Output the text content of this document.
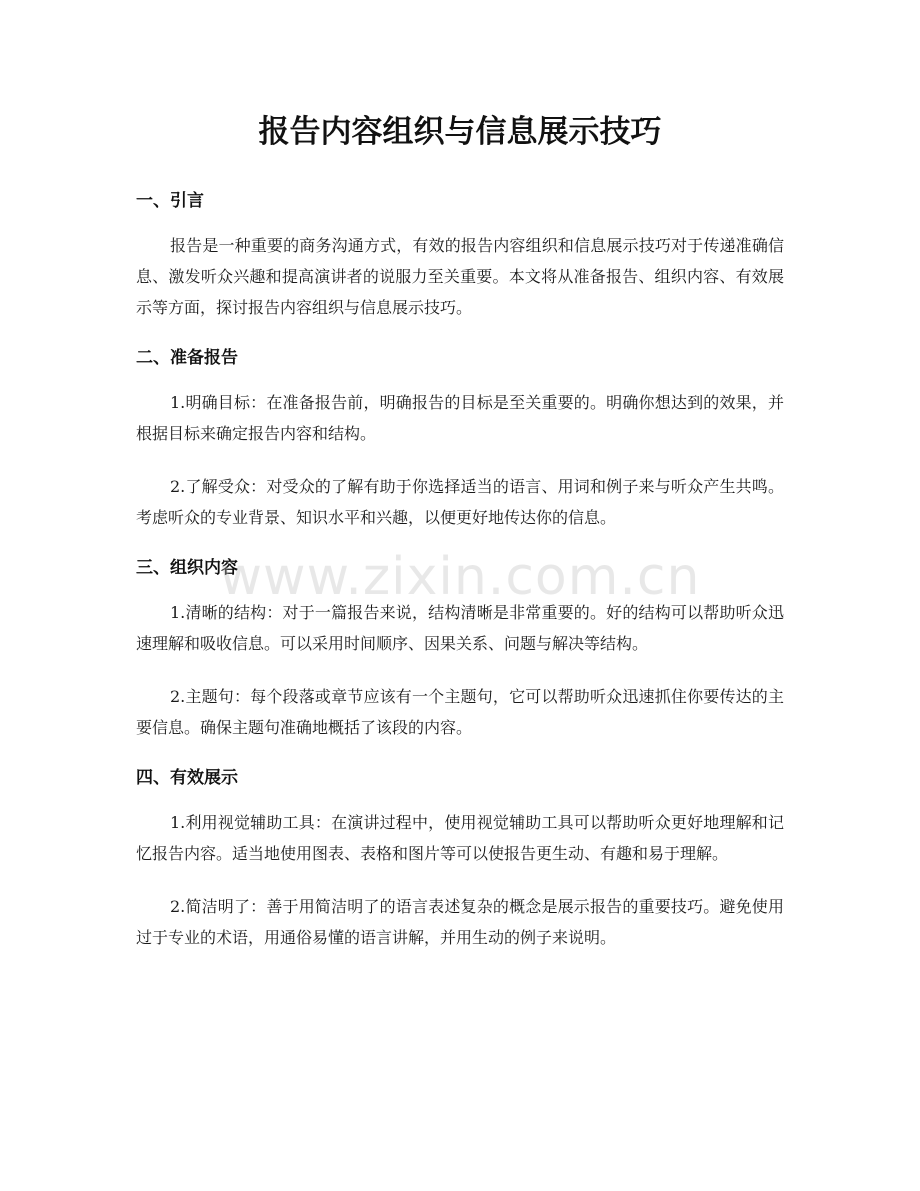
报告内容组织与信息展示技巧
一、引言

报告是一种重要的商务沟通方式，有效的报告内容组织和信息展示技巧对于传递准确信息、激发听众兴趣和提高演讲者的说服力至关重要。本文将从准备报告、组织内容、有效展示等方面，探讨报告内容组织与信息展示技巧。

二、准备报告

1.明确目标：在准备报告前，明确报告的目标是至关重要的。明确你想达到的效果，并根据目标来确定报告内容和结构。

2.了解受众：对受众的了解有助于你选择适当的语言、用词和例子来与听众产生共鸣。考虑听众的专业背景、知识水平和兴趣，以便更好地传达你的信息。

三、组织内容

1.清晰的结构：对于一篇报告来说，结构清晰是非常重要的。好的结构可以帮助听众迅速理解和吸收信息。可以采用时间顺序、因果关系、问题与解决等结构。

2.主题句：每个段落或章节应该有一个主题句，它可以帮助听众迅速抓住你要传达的主要信息。确保主题句准确地概括了该段的内容。

四、有效展示

1.利用视觉辅助工具：在演讲过程中，使用视觉辅助工具可以帮助听众更好地理解和记忆报告内容。适当地使用图表、表格和图片等可以使报告更生动、有趣和易于理解。

2.简洁明了：善于用简洁明了的语言表述复杂的概念是展示报告的重要技巧。避免使用过于专业的术语，用通俗易懂的语言讲解，并用生动的例子来说明。

www.zixin.com.cn
